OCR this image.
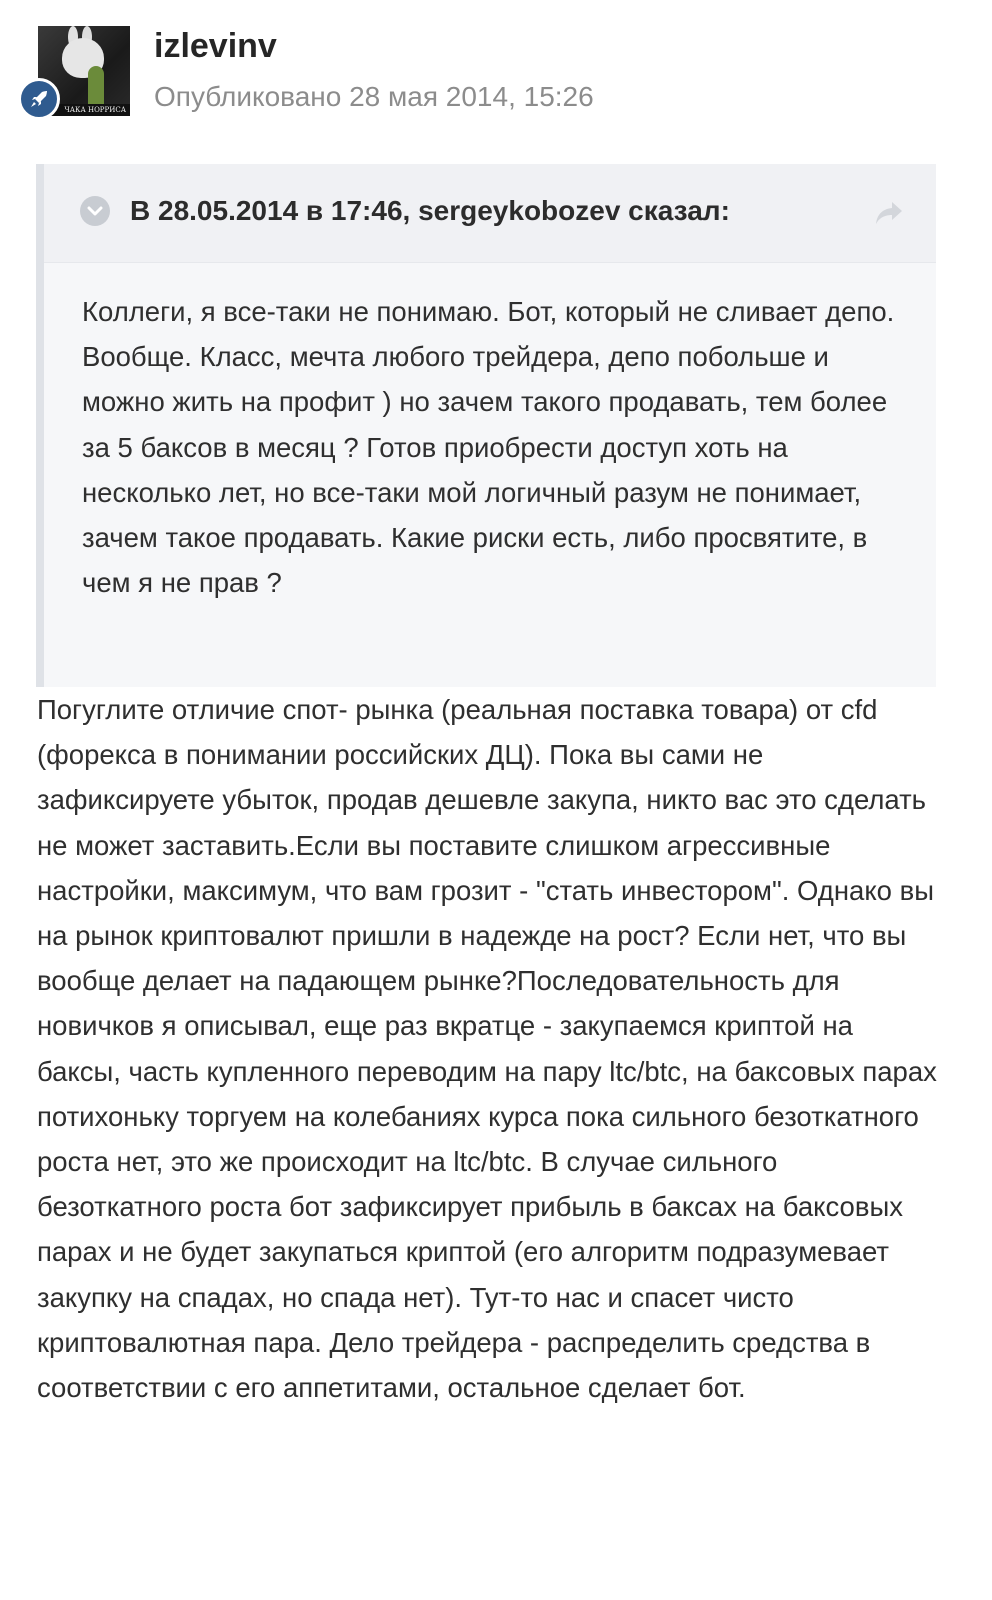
ЧАКА НОРРИСА
izlevinv
Опубликовано 28 мая 2014, 15:26
В 28.05.2014 в 17:46, sergeykobozev сказал:

Коллеги, я все-таки не понимаю. Бот, который не сливает депо. Вообще. Класс, мечта любого трейдера, депо побольше и можно жить на профит ) но зачем такого продавать, тем более за 5 баксов в месяц ? Готов приобрести доступ хоть на несколько лет, но все-таки мой логичный разум не понимает, зачем такое продавать. Какие риски есть, либо просвятите, в чем я не прав ?

Погуглите отличие спот- рынка (реальная поставка товара) от cfd (форекса в понимании российских ДЦ). Пока вы сами не зафиксируете убыток, продав дешевле закупа, никто вас это сделать не может заставить.Если вы поставите слишком агрессивные настройки, максимум, что вам грозит - "стать инвестором". Однако вы на рынок криптовалют пришли в надежде на рост? Если нет, что вы вообще делает на падающем рынке?Последовательность для новичков я описывал, еще раз вкратце - закупаемся криптой на баксы, часть купленного переводим на пару ltc/btc, на баксовых парах потихоньку торгуем на колебаниях курса пока сильного безоткатного роста нет, это же происходит на ltc/btc. В случае сильного безоткатного роста бот зафиксирует прибыль в баксах на баксовых парах и не будет закупаться криптой (его алгоритм подразумевает закупку на спадах, но спада нет). Тут-то нас и спасет чисто криптовалютная пара. Дело трейдера - распределить средства в соответствии с его аппетитами, остальное сделает бот.
